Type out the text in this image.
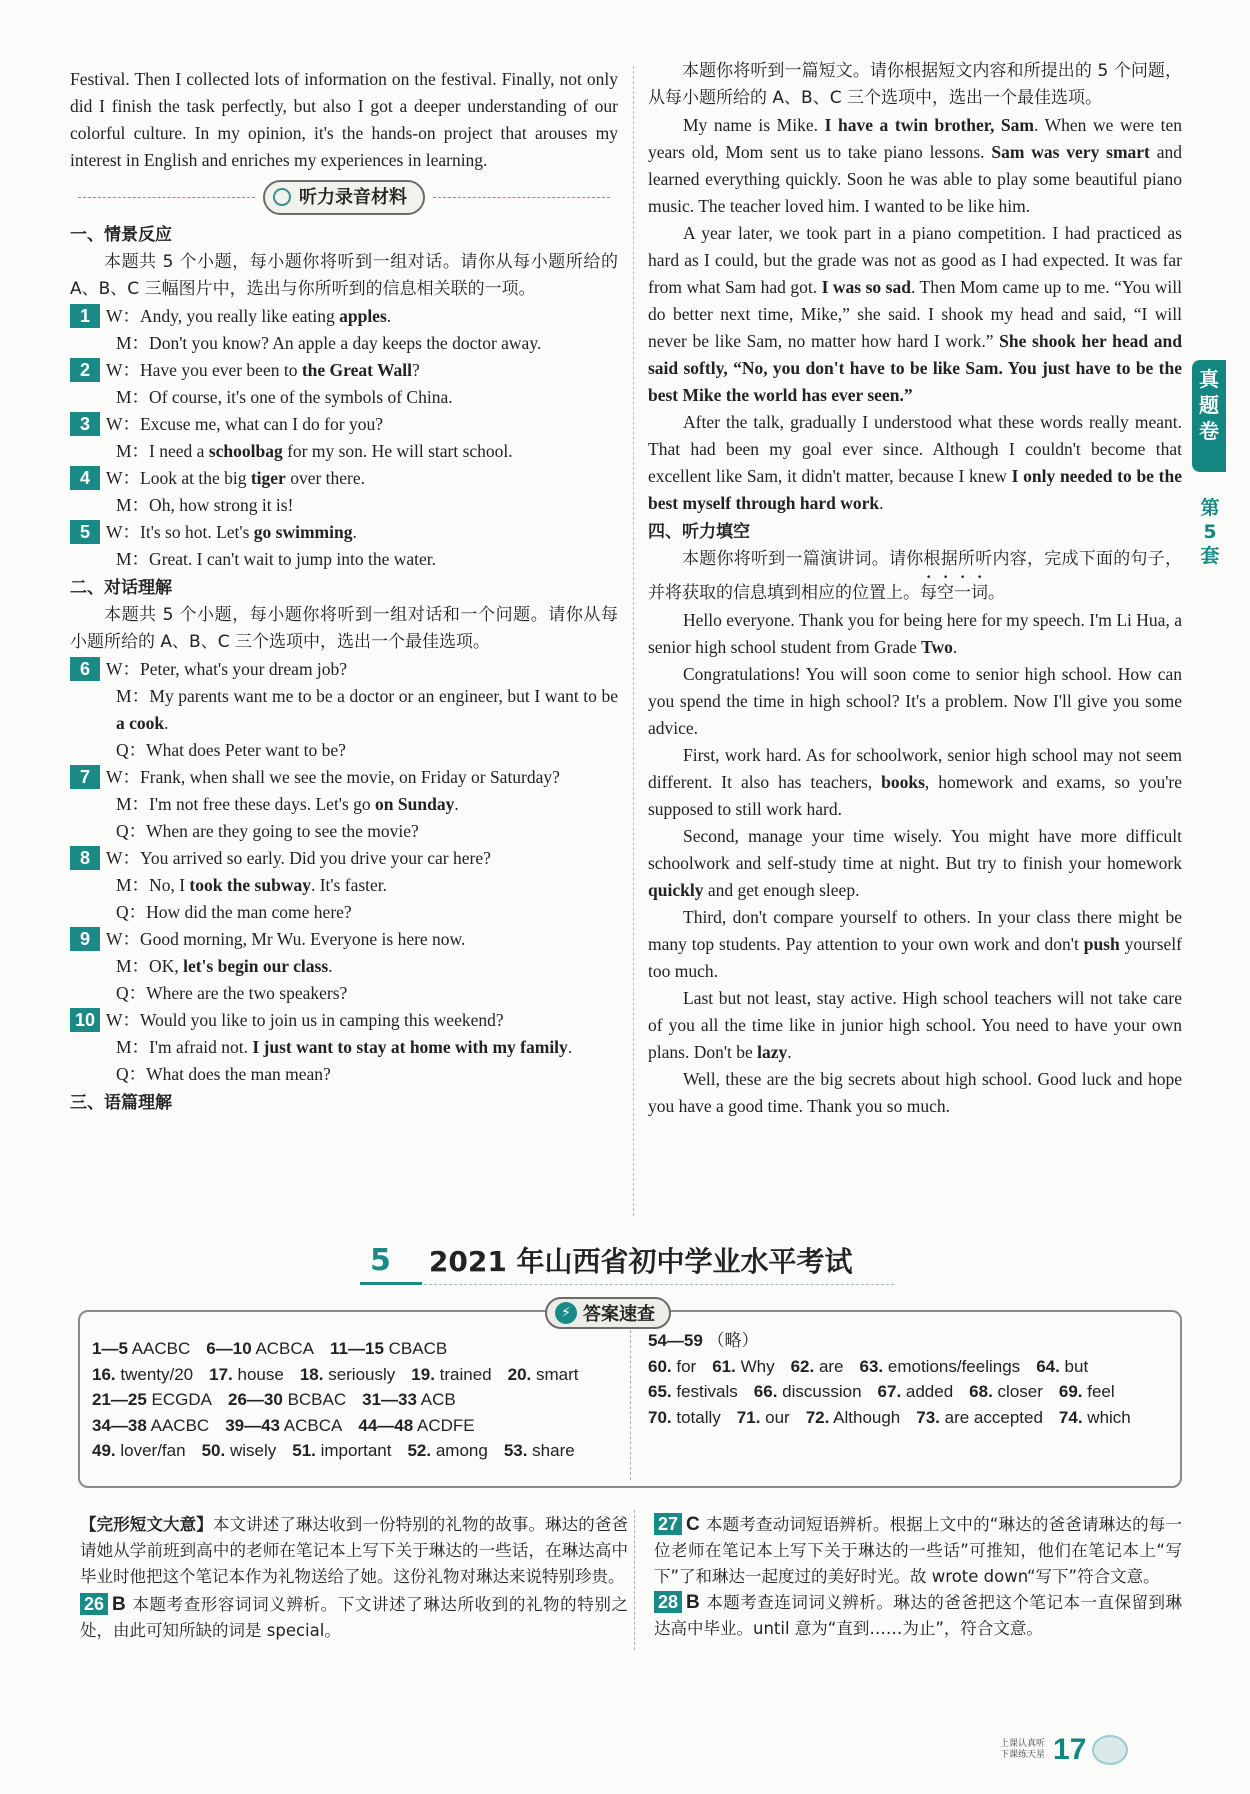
Festival. Then I collected lots of information on the festival. Finally, not only did I finish the task perfectly, but also I got a deeper understanding of our colorful culture. In my opinion, it's the hands-on project that arouses my interest in English and enriches my experiences in learning.

听力录音材料
一、情景反应

本题共 5 个小题，每小题你将听到一组对话。请你从每小题所给的 A、B、C 三幅图片中，选出与你所听到的信息相关联的一项。

1 W：Andy, you really like eating apples.
M：Don't you know? An apple a day keeps the doctor away.
2 W：Have you ever been to the Great Wall?
M：Of course, it's one of the symbols of China.
3 W：Excuse me, what can I do for you?
M：I need a schoolbag for my son. He will start school.
4 W：Look at the big tiger over there.
M：Oh, how strong it is!
5 W：It's so hot. Let's go swimming.
M：Great. I can't wait to jump into the water.
二、对话理解

本题共 5 个小题，每小题你将听到一组对话和一个问题。请你从每小题所给的 A、B、C 三个选项中，选出一个最佳选项。

6 W：Peter, what's your dream job?
M：My parents want me to be a doctor or an engineer, but I want to be a cook.
Q：What does Peter want to be?
7 W：Frank, when shall we see the movie, on Friday or Saturday?
M：I'm not free these days. Let's go on Sunday.
Q：When are they going to see the movie?
8 W：You arrived so early. Did you drive your car here?
M：No, I took the subway. It's faster.
Q：How did the man come here?
9 W：Good morning, Mr Wu. Everyone is here now.
M：OK, let's begin our class.
Q：Where are the two speakers?
10 W：Would you like to join us in camping this weekend?
M：I'm afraid not. I just want to stay at home with my family.
Q：What does the man mean?
三、语篇理解

本题你将听到一篇短文。请你根据短文内容和所提出的 5 个问题，从每小题所给的 A、B、C 三个选项中，选出一个最佳选项。

My name is Mike. I have a twin brother, Sam. When we were ten years old, Mom sent us to take piano lessons. Sam was very smart and learned everything quickly. Soon he was able to play some beautiful piano music. The teacher loved him. I wanted to be like him.

A year later, we took part in a piano competition. I had practiced as hard as I could, but the grade was not as good as I had expected. It was far from what Sam had got. I was so sad. Then Mom came up to me. “You will do better next time, Mike,” she said. I shook my head and said, “I will never be like Sam, no matter how hard I work.” She shook her head and said softly, “No, you don't have to be like Sam. You just have to be the best Mike the world has ever seen.”

After the talk, gradually I understood what these words really meant. That had been my goal ever since. Although I couldn't become that excellent like Sam, it didn't matter, because I knew I only needed to be the best myself through hard work.

四、听力填空

本题你将听到一篇演讲词。请你根据所听内容，完成下面的句子，并将获取的信息填到相应的位置上。每空一词。

Hello everyone. Thank you for being here for my speech. I'm Li Hua, a senior high school student from Grade Two.

Congratulations! You will soon come to senior high school. How can you spend the time in high school? It's a problem. Now I'll give you some advice.

First, work hard. As for schoolwork, senior high school may not seem different. It also has teachers, books, homework and exams, so you're supposed to still work hard.

Second, manage your time wisely. You might have more difficult schoolwork and self-study time at night. But try to finish your homework quickly and get enough sleep.

Third, don't compare yourself to others. In your class there might be many top students. Pay attention to your own work and don't push yourself too much.

Last but not least, stay active. High school teachers will not take care of you all the time like in junior high school. You need to have your own plans. Don't be lazy.

Well, these are the big secrets about high school. Good luck and hope you have a good time. Thank you so much.

真题卷
第5套
5 2021 年山西省初中学业水平考试
⚡ 答案速查
1—5 AACBC 6—10 ACBCA 11—15 CBACB
16. twenty/20 17. house 18. seriously 19. trained 20. smart
21—25 ECGDA 26—30 BCBAC 31—33 ACB
34—38 AACBC 39—43 ACBCA 44—48 ACDFE
49. lover/fan 50. wisely 51. important 52. among 53. share
54—59 （略）
60. for 61. Why 62. are 63. emotions/feelings 64. but
65. festivals 66. discussion 67. added 68. closer 69. feel
70. totally 71. our 72. Although 73. are accepted 74. which

【完形短文大意】本文讲述了琳达收到一份特别的礼物的故事。琳达的爸爸请她从学前班到高中的老师在笔记本上写下关于琳达的一些话，在琳达高中毕业时他把这个笔记本作为礼物送给了她。这份礼物对琳达来说特别珍贵。

26 B 本题考查形容词词义辨析。下文讲述了琳达所收到的礼物的特别之处，由此可知所缺的词是 special。

27 C 本题考查动词短语辨析。根据上文中的“琳达的爸爸请琳达的每一位老师在笔记本上写下关于琳达的一些话”可推知，他们在笔记本上“写下”了和琳达一起度过的美好时光。故 wrote down“写下”符合文意。

28 B 本题考查连词词义辨析。琳达的爸爸把这个笔记本一直保留到琳达高中毕业。until 意为“直到……为止”，符合文意。

上课认真听
下课练天星 17
